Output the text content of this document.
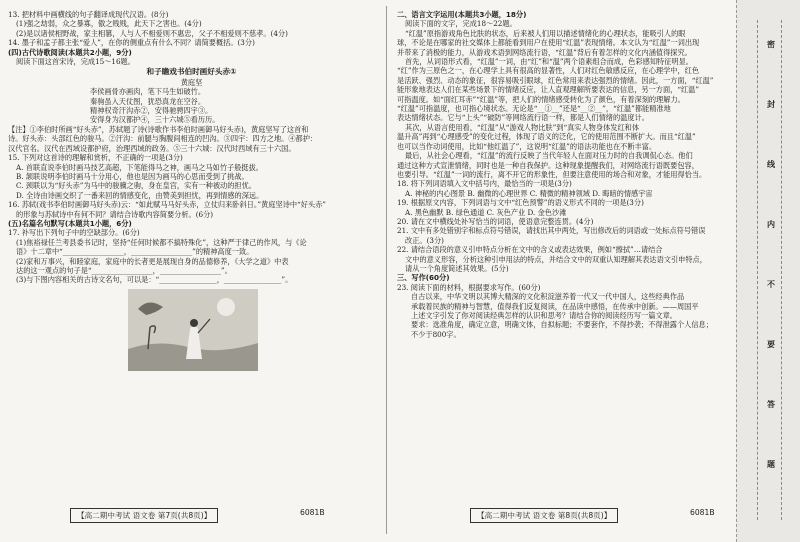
13. 把材料中画横线的句子翻译成现代汉语。(8分)

(1)强之劫弱，众之暴寡，傲之贱贱，此天下之害也。(4分)

(2)是以诸侯相野战，家主相篡，人与人不相爱则不惠忠，父子不相爱则不慈孝。(4分)

14. 墨子和孟子都主张“爱人”，在你的侧重点有什么不同？请简要概括。(3分)

(四)古代诗歌阅读(本题共2小题，9分)

阅读下面这首宋诗，完成15～16题。

和子瞻戏书伯时画好头赤①

黄庭坚

李侯画骨亦画肉，笔下马生如破竹。

秦驹虽入天仗图，犹恐真龙在空谷。

精神权奇汗沟赤②，安得驰骋四宇③。

安得身为汉都护④，三十六城⑤看历历。

【注】①李伯时所画“好头赤”，苏轼题了诗(诗歌作书李伯时画御马好头赤)，黄庭坚写了这首和

诗。好头赤：头部红色的骏马。②汗沟：前腿与胸腹间相连的凹沟。③四宇：四方之地。④都护：

汉代官名。汉代在西域设都护府，治理西域的政务。⑤三十六城：汉代时西域有三十六国。

15. 下列对这首诗的理解和赏析，不正确的一项是(3分)

A. 首联直说李伯时画马技艺高超，下笔能得马之神，画马之马如竹子般挺拔。

B. 颔联说明李伯时画马十分用心，他也是因为画马的心思而受到了挑战。

C. 颈联以为“好头赤”为马中的骏骥之驹，身在皇宫，实有一种被动的担忧。

D. 全诗由诗画交织了一番来回的情感变化，由赞美到担忧，再到情感的深远。

16. 苏轼(戏书李伯时画御马好头赤)云：“如此赋马马好头赤，立仗归来卧斜日。”黄庭坚诗中“好头赤”

的形象与苏轼诗中有何不同？请结合诗歌内容简要分析。(6分)

(五)名篇名句默写(本题共1小题，6分)

17. 补写出下列句子中的空缺部分。(6分)

(1)焦裕禄任兰考县委书记时，坚持“任何时候都不搞特殊化”，这种严于律己的作风，与《论

语》十二章中“_________________，_________________”的精神高度一致。

(2)家和万事兴，和睦家庭，家庭中的长者更是展现自身的品德修养，《大学之道》中表

达的这一观点的句子是“_________________，_________________”。

(3)与下图内容相关的古诗文名句，可以是：“________________，________________”。

二、语言文字运用(本题共3小题，18分)

阅读下面的文字，完成18～22题。

“红温”原指游戏角色比肤的状态，后来被人们用以描述情绪化的心理状态，能吸引人的眼

球，不论是在哪家的社交媒体上都能看到用户在使用“红温”表现情绪。本文认为“红温”一词出现

并带来了消极的能力，从游戏术语到网络流行语，“红温”背后有着怎样的文化内涵值得探究。

首先，从词语形式看，“红温”一词，由“红”和“温”两个语素组合而成，色彩感知特征明显。

“红”作为三原色之一，在心理学上具有很高的显著性，人们对红色敏感反应，在心理学中，红色

是活跃、强烈、动态的象征，很容易吸引眼球，红色常用来表达强烈的情绪。因此，一方面，“红温”

能形象地表达人们在某些场景下的情绪反应，让人直观理解所要表达的信息，另一方面，“红温”

可指温度。如“面红耳赤”“红温”等，把人们的情绪感受转化为了颜色，有着深刻的理解力。

“红温”可指温度，也可指心境状态。无论是“__①__”还是“__②__”，“红温”都能精准地

表达情绪状态。它与“上头”“破防”等网络流行语一样，都是人们情绪的温度计。

其次，从语言使用看，“红温”从“游戏人物比肤”到“真实人物身体发红和体

温升高”再到“心理感受”的变化过程，体现了语义的泛化，它的使用范围不断扩大。而且“红温”

也可以当作动词使用，比如“他红温了”，这说明“红温”的语法功能也在不断丰富。

最后，从社会心理看，“红温”的流行反映了当代年轻人在面对压力时的自我调侃心态。他们

通过这种方式宣泄情绪，同时也是一种自我保护。这种现象提醒我们，对网络流行语既要包容，

也要引导。“红温”一词的流行，离不开它的形象性，但要注意使用的场合和对象，才能用得恰当。

18. 将下列词语填入文中括号内，最恰当的一项是(3分)

A. 神秘的内心图景 B. 幽微的心理世界 C. 精微的精神领域 D. 晦暗的情感宇宙

19. 根据原文内容，下列词语与文中“红色预警”的语义形式不同的一项是(3分)

A. 黑色幽默 B. 绿色通道 C. 灰色产业 D. 金色沙滩

20. 请在文中横线处补写恰当的词语，使语意完整连贯。(4分)

21. 文中有多处错别字和标点符号错误，请找出其中两处，写出修改后的词语或一处标点符号错误

改正。(3分)

22. 请结合语段的意义引申特点分析在文中的含义或表达效果，例如“擦拭”…请结合

文中的意义形容，分析这种引申用法的特点，并结合文中的双重认知理解其表达语文引申特点，

请从一个角度简述其效果。(5分)

三、写作(60分)

23. 阅读下面的材料，根据要求写作。(60分)

自古以来，中华文明以其博大精深的文化积淀滋养着一代又一代中国人，这些经典作品

承载着民族的精神与智慧，值得我们反复阅读，在品读中感悟，在传承中创新。——周国平

上述文字引发了你对阅读经典怎样的认识和思考？请结合你的阅读经历写一篇文章。

要求：选准角度，确定立意，明确文体，自拟标题；不要套作，不得抄袭；不得泄露个人信息；

不少于800字。

【高二期中考试 语文卷 第7页(共8页)】	6081B	【高二期中考试 语文卷 第8页(共8页)】	6081B
密
封
线
内
不
要
答
题
